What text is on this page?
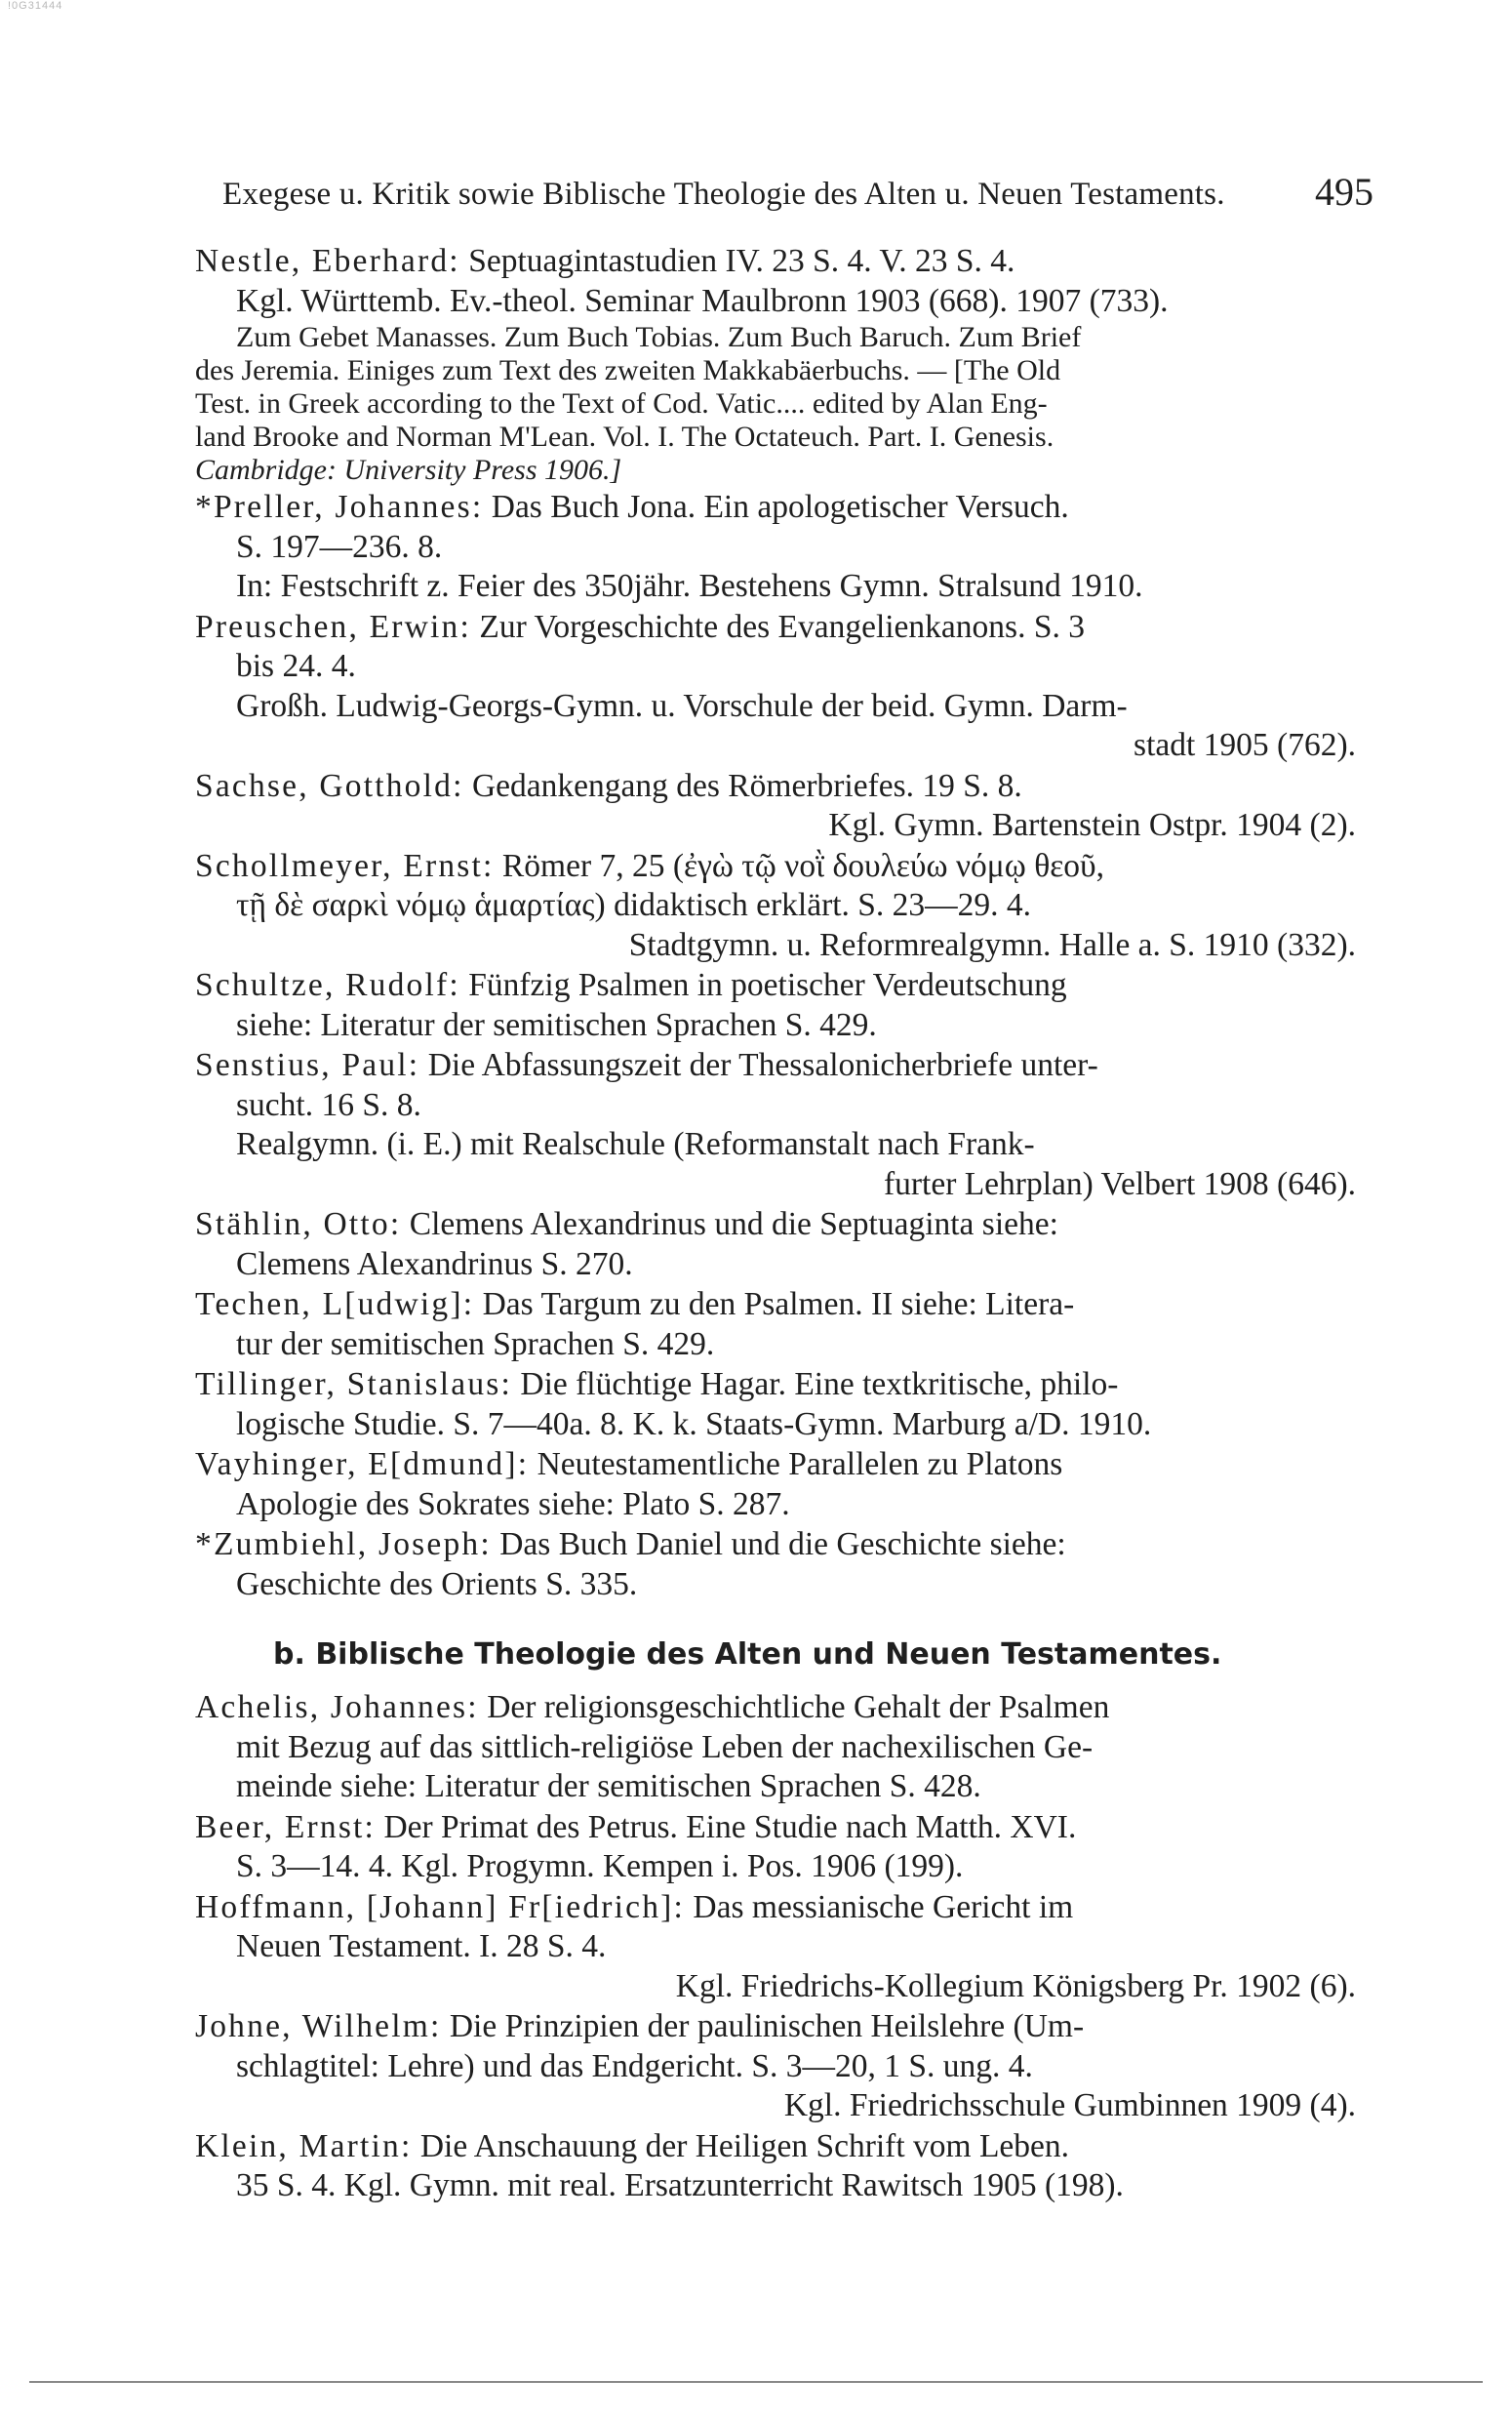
!0G31444
Exegese u. Kritik sowie Biblische Theologie des Alten u. Neuen Testaments. 495
Nestle, Eberhard: Septuagintastudien IV. 23 S. 4. V. 23 S. 4.
Kgl. Württemb. Ev.-theol. Seminar Maulbronn 1903 (668). 1907 (733).
Zum Gebet Manasses. Zum Buch Tobias. Zum Buch Baruch. Zum Brief
des Jeremia. Einiges zum Text des zweiten Makkabäerbuchs. — [The Old
Test. in Greek according to the Text of Cod. Vatic.... edited by Alan Eng-
land Brooke and Norman M'Lean. Vol. I. The Octateuch. Part. I. Genesis.
Cambridge: University Press 1906.]
*Preller, Johannes: Das Buch Jona. Ein apologetischer Versuch.
S. 197—236. 8.
In: Festschrift z. Feier des 350jähr. Bestehens Gymn. Stralsund 1910.
Preuschen, Erwin: Zur Vorgeschichte des Evangelienkanons. S. 3
bis 24. 4.
Großh. Ludwig-Georgs-Gymn. u. Vorschule der beid. Gymn. Darm-
stadt 1905 (762).
Sachse, Gotthold: Gedankengang des Römerbriefes. 19 S. 8.
Kgl. Gymn. Bartenstein Ostpr. 1904 (2).
Schollmeyer, Ernst: Römer 7, 25 (ἐγὼ τῷ νοῒ δουλεύω νόμῳ θεοῦ,
τῇ δὲ σαρκὶ νόμῳ ἁμαρτίας) didaktisch erklärt. S. 23—29. 4.
Stadtgymn. u. Reformrealgymn. Halle a. S. 1910 (332).
Schultze, Rudolf: Fünfzig Psalmen in poetischer Verdeutschung
siehe: Literatur der semitischen Sprachen S. 429.
Senstius, Paul: Die Abfassungszeit der Thessalonicherbriefe unter-
sucht. 16 S. 8.
Realgymn. (i. E.) mit Realschule (Reformanstalt nach Frank-
furter Lehrplan) Velbert 1908 (646).
Stählin, Otto: Clemens Alexandrinus und die Septuaginta siehe:
Clemens Alexandrinus S. 270.
Techen, L[udwig]: Das Targum zu den Psalmen. II siehe: Litera-
tur der semitischen Sprachen S. 429.
Tillinger, Stanislaus: Die flüchtige Hagar. Eine textkritische, philo-
logische Studie. S. 7—40a. 8. K. k. Staats-Gymn. Marburg a/D. 1910.
Vayhinger, E[dmund]: Neutestamentliche Parallelen zu Platons
Apologie des Sokrates siehe: Plato S. 287.
*Zumbiehl, Joseph: Das Buch Daniel und die Geschichte siehe:
Geschichte des Orients S. 335.
b. Biblische Theologie des Alten und Neuen Testamentes.
Achelis, Johannes: Der religionsgeschichtliche Gehalt der Psalmen
mit Bezug auf das sittlich-religiöse Leben der nachexilischen Ge-
meinde siehe: Literatur der semitischen Sprachen S. 428.
Beer, Ernst: Der Primat des Petrus. Eine Studie nach Matth. XVI.
S. 3—14. 4. Kgl. Progymn. Kempen i. Pos. 1906 (199).
Hoffmann, [Johann] Fr[iedrich]: Das messianische Gericht im
Neuen Testament. I. 28 S. 4.
Kgl. Friedrichs-Kollegium Königsberg Pr. 1902 (6).
Johne, Wilhelm: Die Prinzipien der paulinischen Heilslehre (Um-
schlagtitel: Lehre) und das Endgericht. S. 3—20, 1 S. ung. 4.
Kgl. Friedrichsschule Gumbinnen 1909 (4).
Klein, Martin: Die Anschauung der Heiligen Schrift vom Leben.
35 S. 4. Kgl. Gymn. mit real. Ersatzunterricht Rawitsch 1905 (198).
